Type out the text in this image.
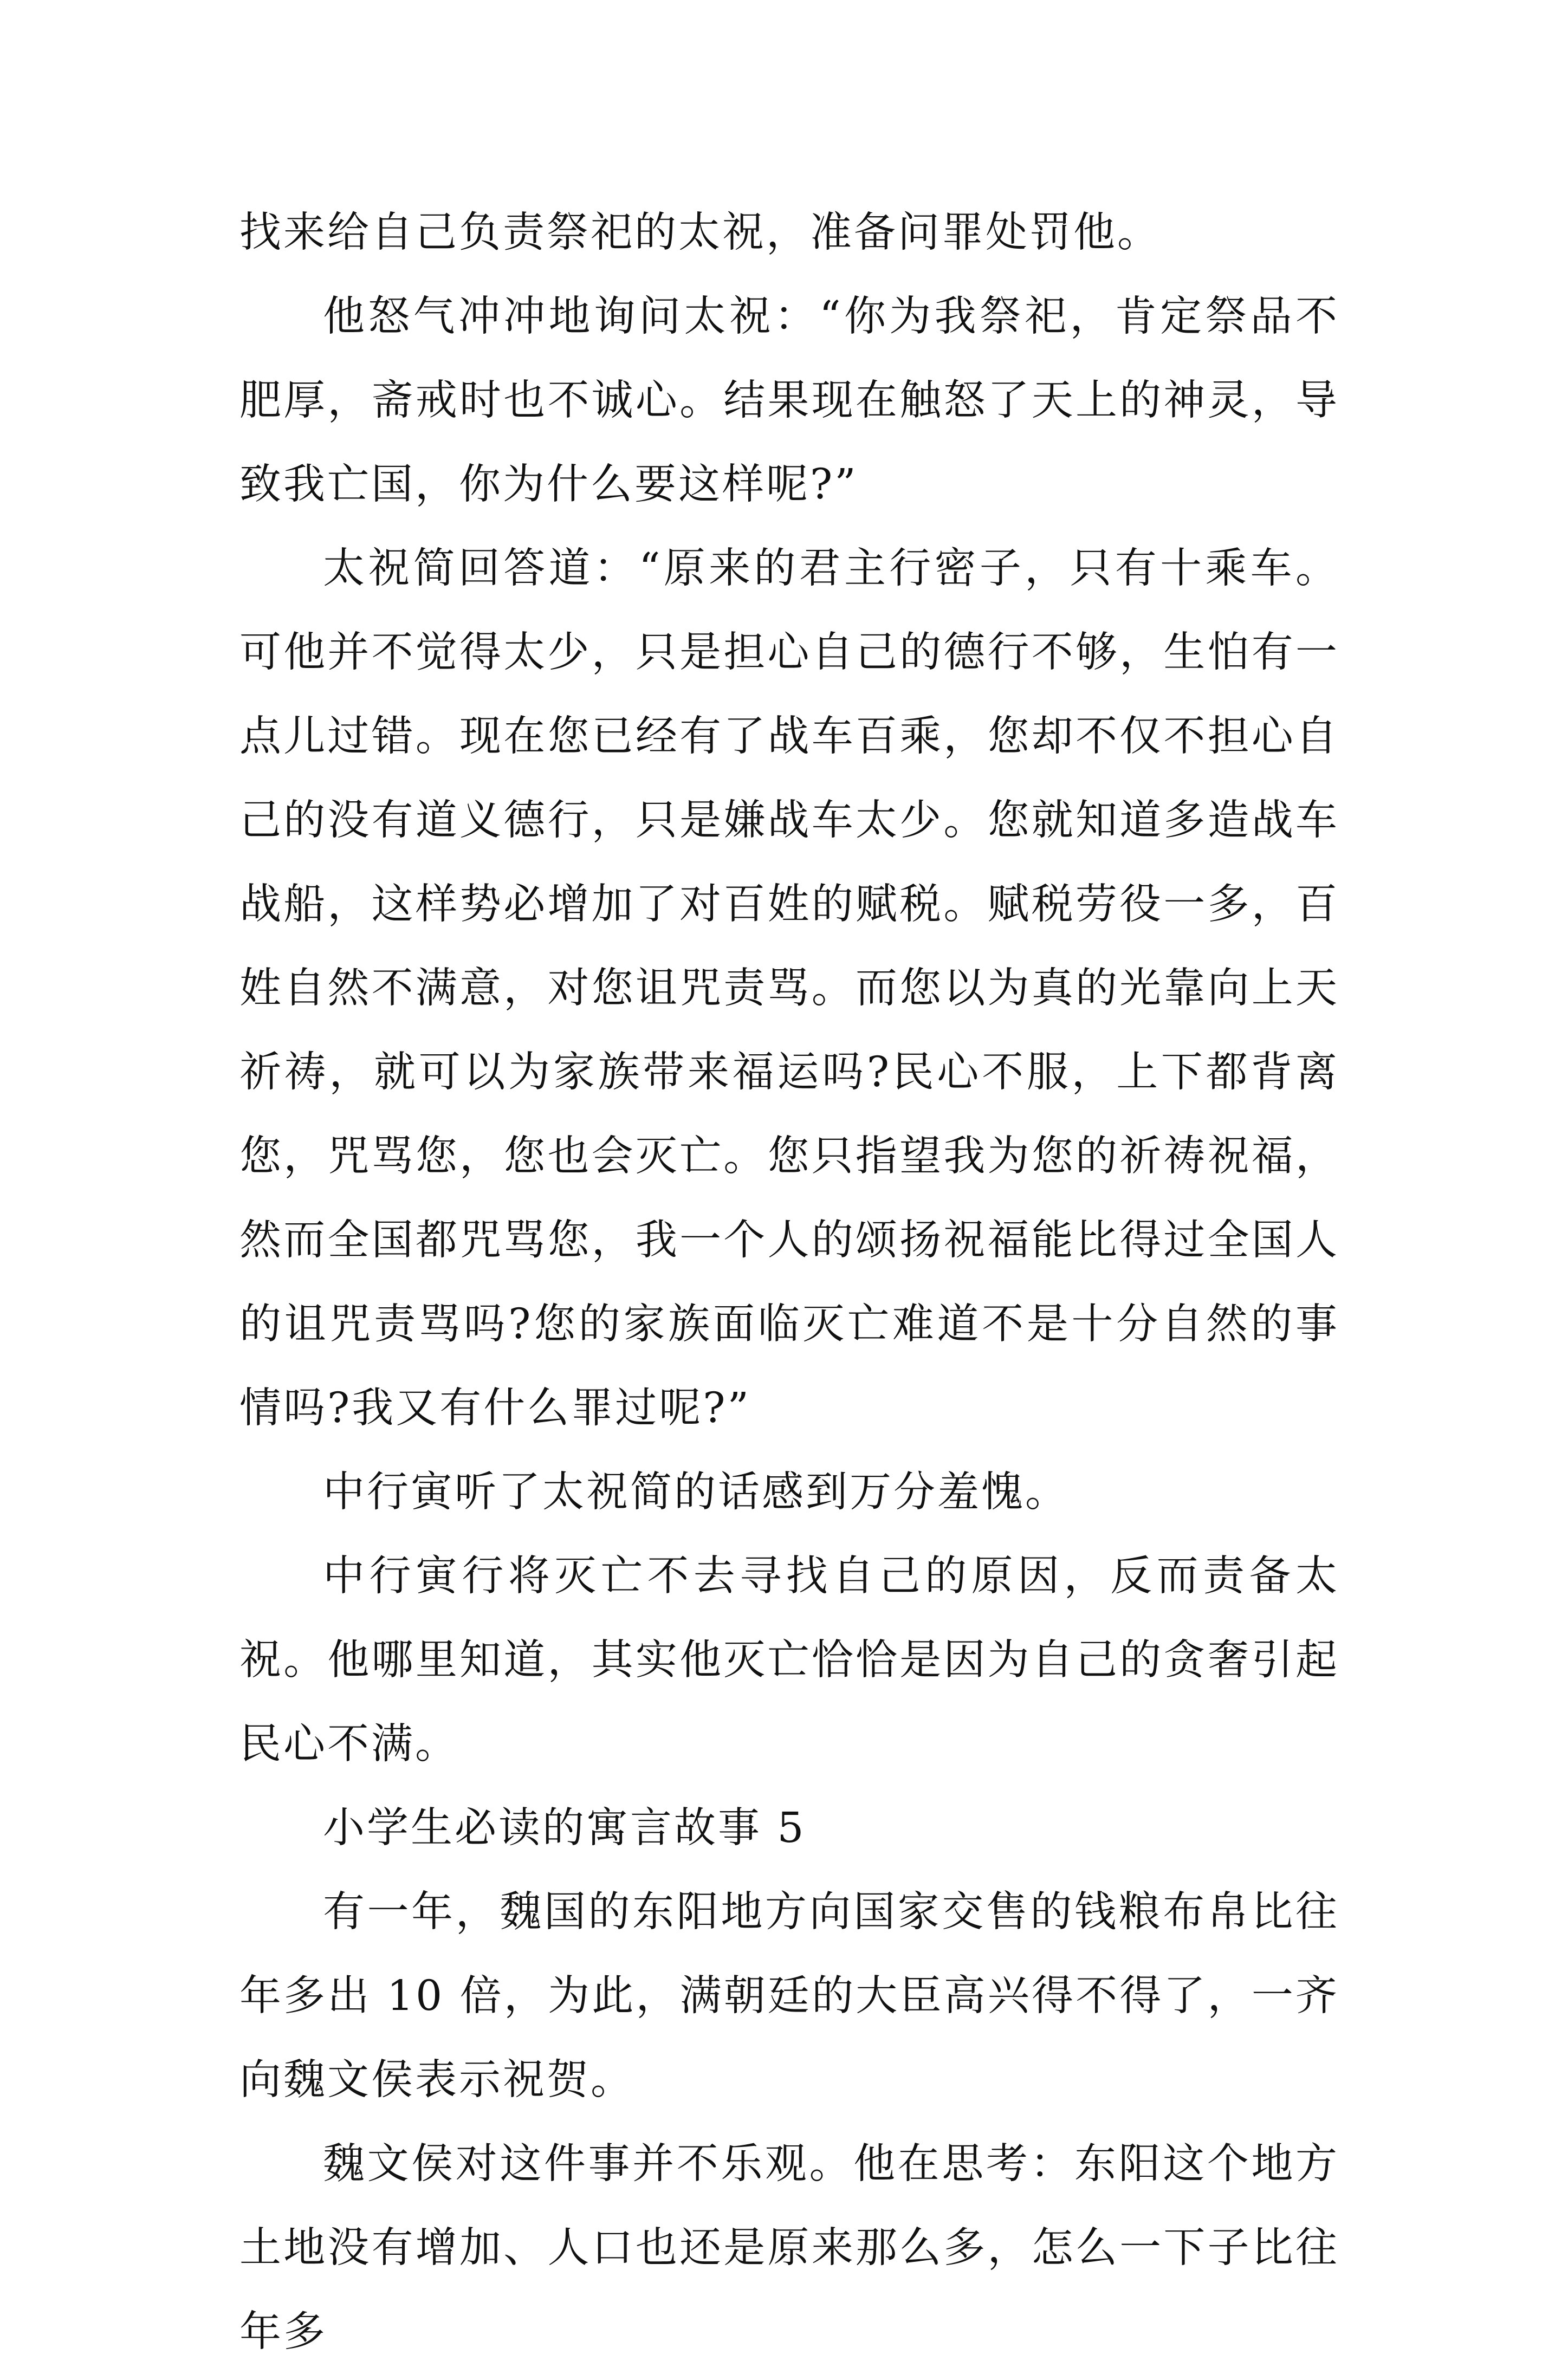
找来给自己负责祭祀的太祝，准备问罪处罚他。

他怒气冲冲地询问太祝：“你为我祭祀，肯定祭品不肥厚，斋戒时也不诚心。结果现在触怒了天上的神灵，导致我亡国，你为什么要这样呢?”

太祝简回答道：“原来的君主行密子，只有十乘车。可他并不觉得太少，只是担心自己的德行不够，生怕有一点儿过错。现在您已经有了战车百乘，您却不仅不担心自己的没有道义德行，只是嫌战车太少。您就知道多造战车战船，这样势必增加了对百姓的赋税。赋税劳役一多，百姓自然不满意，对您诅咒责骂。而您以为真的光靠向上天祈祷，就可以为家族带来福运吗?民心不服，上下都背离您，咒骂您，您也会灭亡。您只指望我为您的祈祷祝福，然而全国都咒骂您，我一个人的颂扬祝福能比得过全国人的诅咒责骂吗?您的家族面临灭亡难道不是十分自然的事情吗?我又有什么罪过呢?”

中行寅听了太祝简的话感到万分羞愧。

中行寅行将灭亡不去寻找自己的原因，反而责备太祝。他哪里知道，其实他灭亡恰恰是因为自己的贪奢引起民心不满。

小学生必读的寓言故事 5

有一年，魏国的东阳地方向国家交售的钱粮布帛比往年多出 10 倍，为此，满朝廷的大臣高兴得不得了，一齐向魏文侯表示祝贺。

魏文侯对这件事并不乐观。他在思考：东阳这个地方土地没有增加、人口也还是原来那么多，怎么一下子比往年多
